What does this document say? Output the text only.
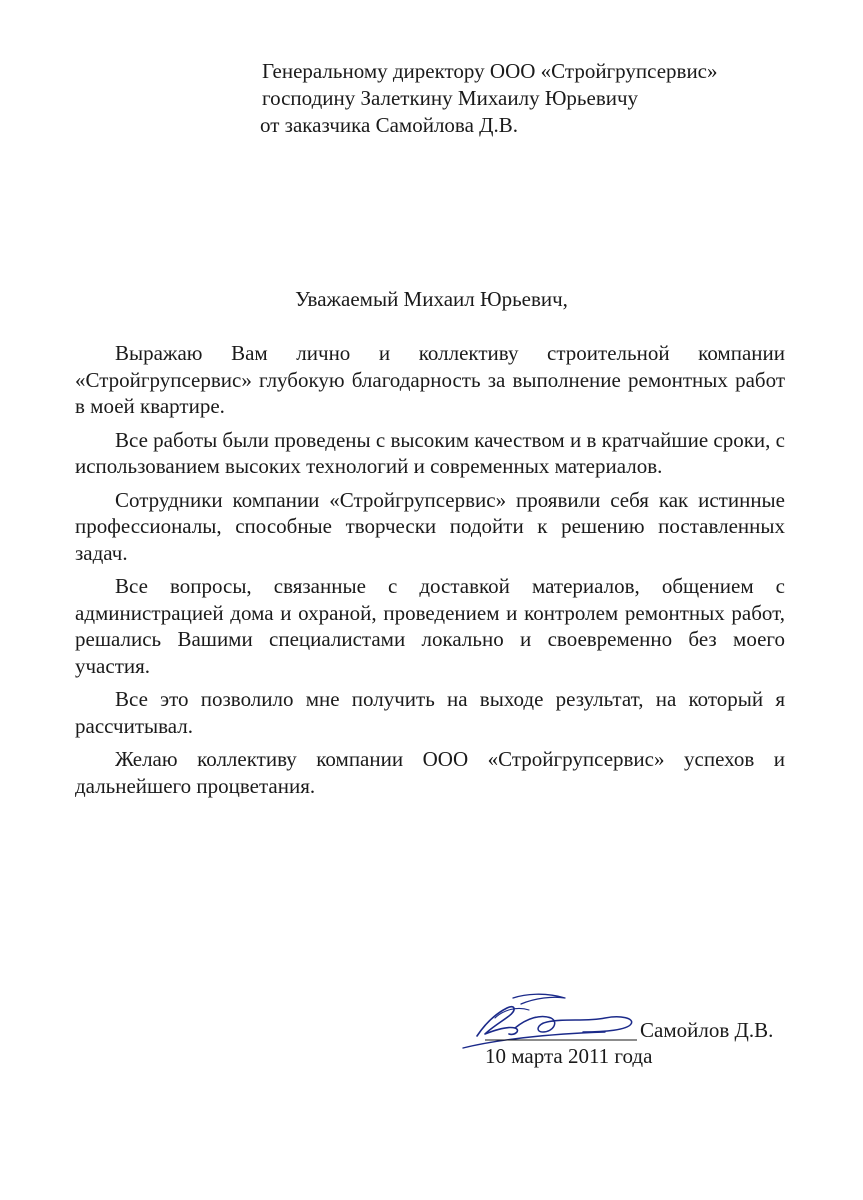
Генеральному директору ООО «Стройгрупсервис»
господину Залеткину Михаилу Юрьевичу
от заказчика Самойлова Д.В.
Уважаемый Михаил Юрьевич,

Выражаю Вам лично и коллективу строительной компании «Стройгрупсервис» глубокую благодарность за выполнение ремонтных работ в моей квартире.

Все работы были проведены с высоким качеством и в кратчайшие сроки, с использованием высоких технологий и современных материалов.

Сотрудники компании «Стройгрупсервис» проявили себя как истинные профессионалы, способные творчески подойти к решению поставленных задач.

Все вопросы, связанные с доставкой материалов, общением с администрацией дома и охраной, проведением и контролем ремонтных работ, решались Вашими специалистами локально и своевременно без моего участия.

Все это позволило мне получить на выходе результат, на который я рассчитывал.

Желаю коллективу компании ООО «Стройгрупсервис» успехов и дальнейшего процветания.

Самойлов Д.В.
10 марта 2011 года
